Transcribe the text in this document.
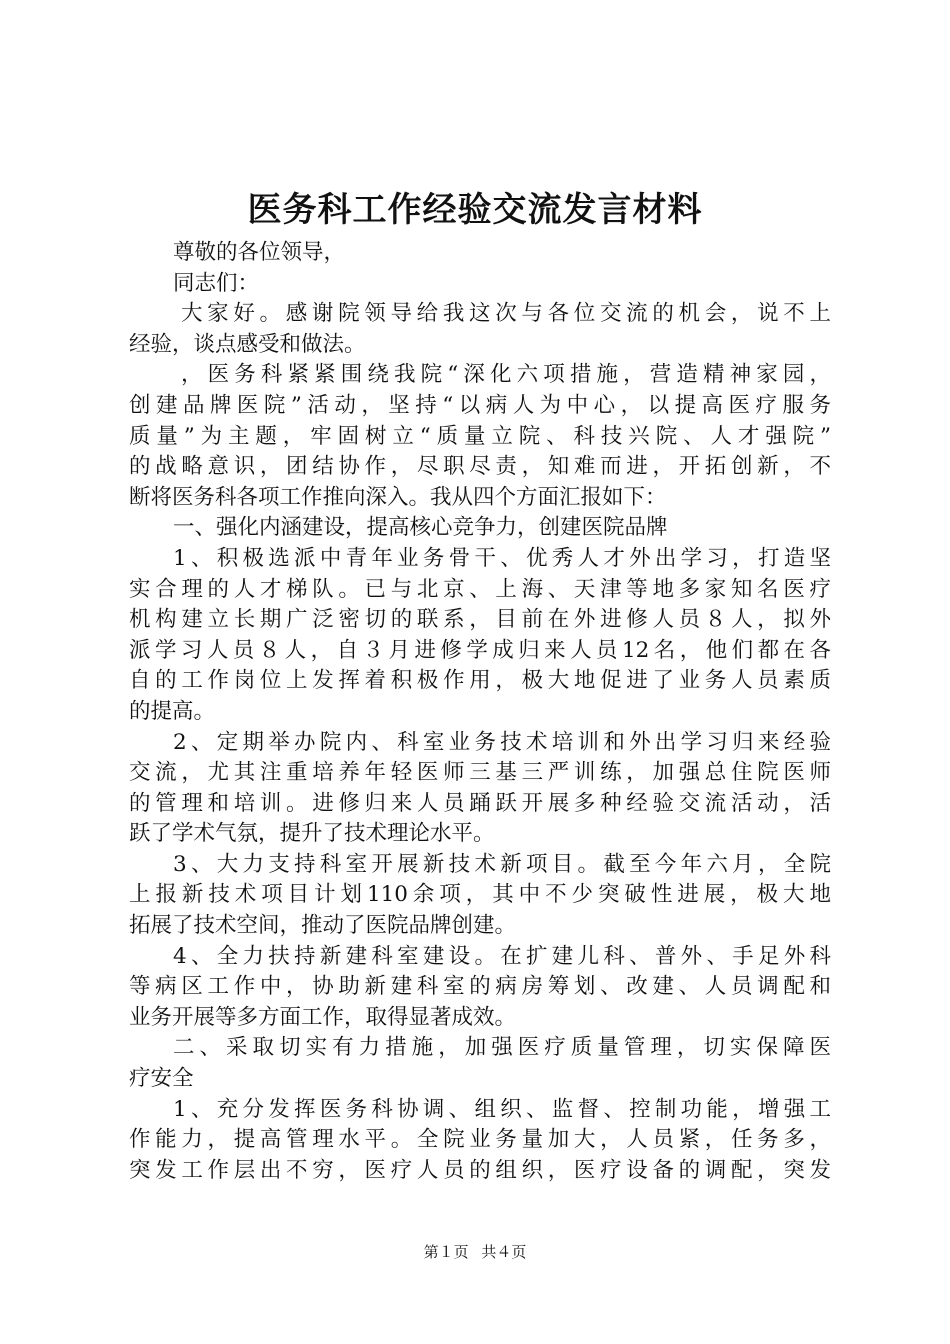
医务科工作经验交流发言材料
尊敬的各位领导，
同志们：
大家好。感谢院领导给我这次与各位交流的机会，说不上
经验，谈点感受和做法。
，医务科紧紧围绕我院“深化六项措施，营造精神家园，
创建品牌医院”活动，坚持“以病人为中心，以提高医疗服务
质量”为主题，牢固树立“质量立院、科技兴院、人才强院”
的战略意识，团结协作，尽职尽责，知难而进，开拓创新，不
断将医务科各项工作推向深入。我从四个方面汇报如下：
一、强化内涵建设，提高核心竞争力，创建医院品牌
1、积极选派中青年业务骨干、优秀人才外出学习，打造坚
实合理的人才梯队。已与北京、上海、天津等地多家知名医疗
机构建立长期广泛密切的联系，目前在外进修人员８人，拟外
派学习人员８人，自３月进修学成归来人员12名，他们都在各
自的工作岗位上发挥着积极作用，极大地促进了业务人员素质
的提高。
2、定期举办院内、科室业务技术培训和外出学习归来经验
交流，尤其注重培养年轻医师三基三严训练，加强总住院医师
的管理和培训。进修归来人员踊跃开展多种经验交流活动，活
跃了学术气氛，提升了技术理论水平。
3、大力支持科室开展新技术新项目。截至今年六月，全院
上报新技术项目计划110余项，其中不少突破性进展，极大地
拓展了技术空间，推动了医院品牌创建。
4、全力扶持新建科室建设。在扩建儿科、普外、手足外科
等病区工作中，协助新建科室的病房筹划、改建、人员调配和
业务开展等多方面工作，取得显著成效。
二、采取切实有力措施，加强医疗质量管理，切实保障医
疗安全
1、充分发挥医务科协调、组织、监督、控制功能，增强工
作能力，提高管理水平。全院业务量加大，人员紧，任务多，
突发工作层出不穷，医疗人员的组织，医疗设备的调配，突发
第１页 共４页
